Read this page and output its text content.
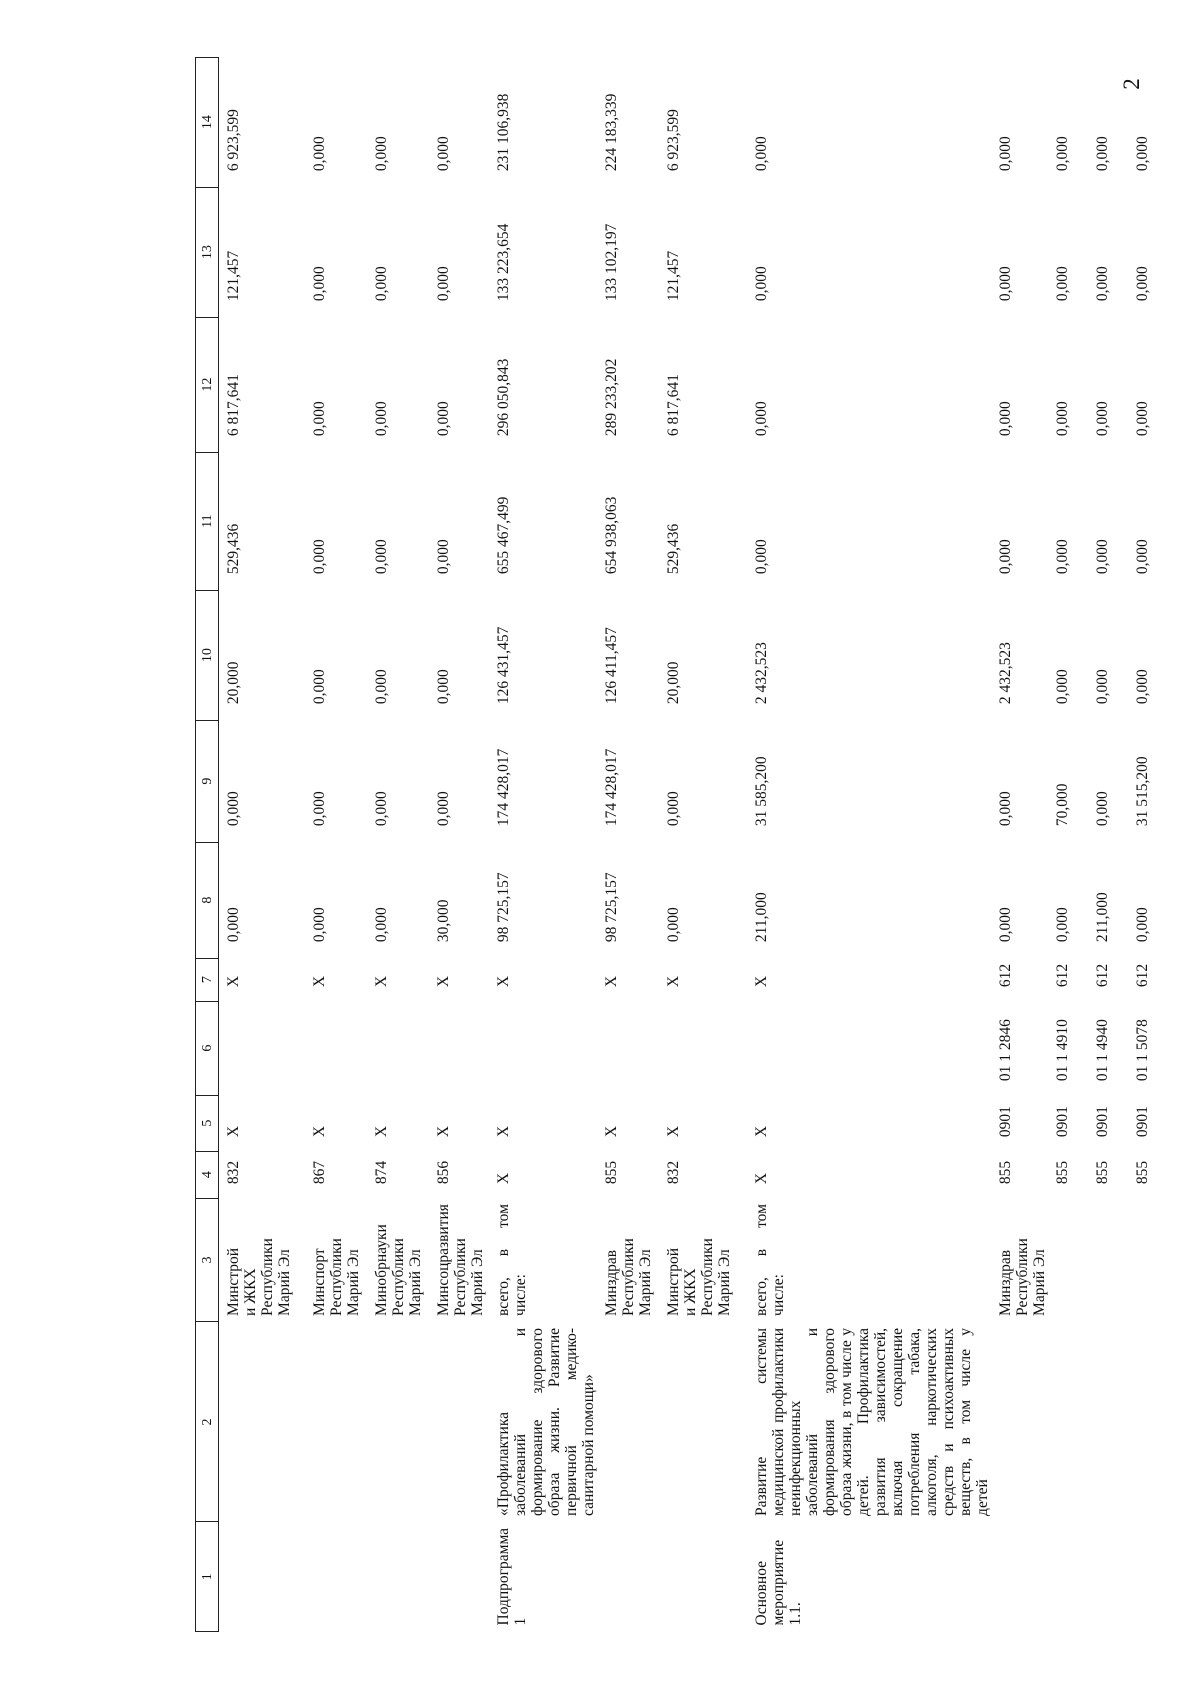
2
1	2	3	4	5	6	7	8	9	10	11	12	13	14
		Минстрой
и ЖКХ
Республики
Марий Эл	832	X		X	0,000	0,000	20,000	529,436	6 817,641	121,457	6 923,599
		Минспорт
Республики
Марий Эл	867	X		X	0,000	0,000	0,000	0,000	0,000	0,000	0,000
		Минобрнауки
Республики
Марий Эл	874	X		X	0,000	0,000	0,000	0,000	0,000	0,000	0,000
		Минсоцразвития
Республики
Марий Эл	856	X		X	30,000	0,000	0,000	0,000	0,000	0,000	0,000
Подпрограмма 1	«Профилактика заболеваний и формирование здорового образа жизни. Развитие первичной медико-санитарной помощи»	всего, в том числе:	X	X		X	98 725,157	174 428,017	126 431,457	655 467,499	296 050,843	133 223,654	231 106,938
		Минздрав
Республики
Марий Эл	855	X		X	98 725,157	174 428,017	126 411,457	654 938,063	289 233,202	133 102,197	224 183,339
		Минстрой
и ЖКХ
Республики
Марий Эл	832	X		X	0,000	0,000	20,000	529,436	6 817,641	121,457	6 923,599
Основное мероприятие 1.1.	Развитие системы медицинской профилактики неинфекционных заболеваний и формирования здорового образа жизни, в том числе у детей. Профилактика развития зависимостей, включая сокращение потребления табака, алкоголя, наркотических средств и психоактивных веществ, в том числе у детей	всего, в том числе:	X	X		X	211,000	31 585,200	2 432,523	0,000	0,000	0,000	0,000
		Минздрав
Республики
Марий Эл	855	0901	01 1 2846	612	0,000	0,000	2 432,523	0,000	0,000	0,000	0,000
			855	0901	01 1 4910	612	0,000	70,000	0,000	0,000	0,000	0,000	0,000
			855	0901	01 1 4940	612	211,000	0,000	0,000	0,000	0,000	0,000	0,000
			855	0901	01 1 5078	612	0,000	31 515,200	0,000	0,000	0,000	0,000	0,000
